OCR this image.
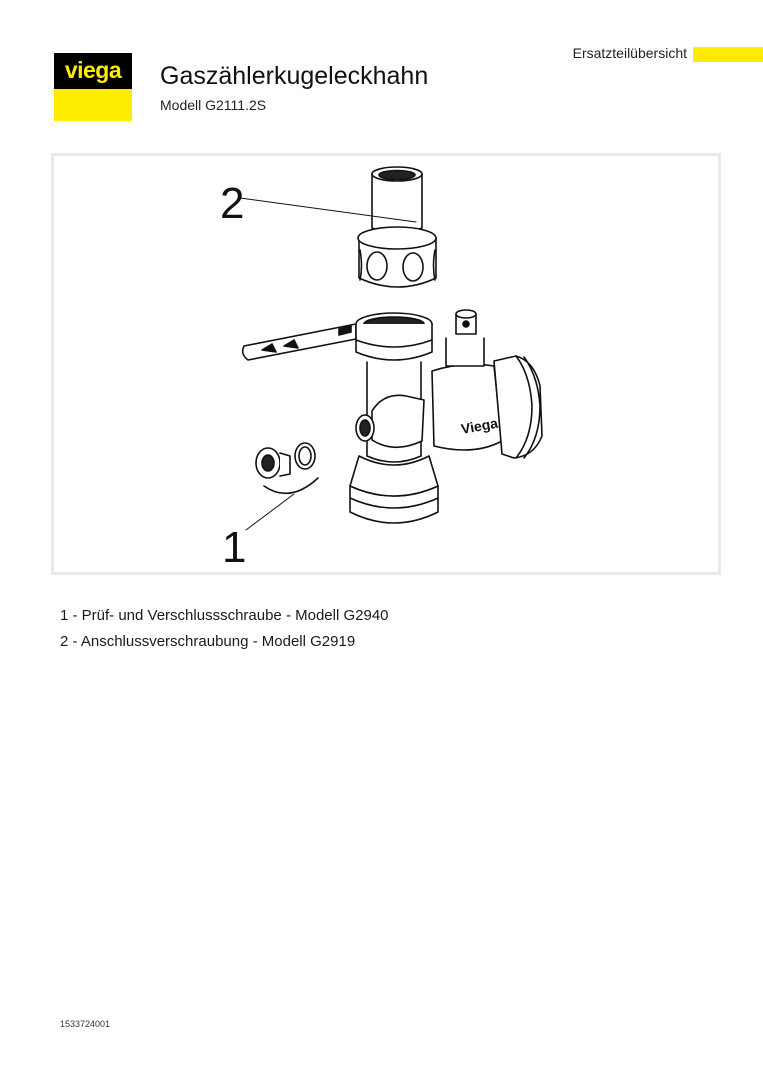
viega
Ersatzteilübersicht
Gaszählerkugeleckhahn
Modell G2111.2S
Viega
2
1
1 - Prüf- und Verschlussschraube - Modell G2940
2 - Anschlussverschraubung - Modell G2919
1533724001
